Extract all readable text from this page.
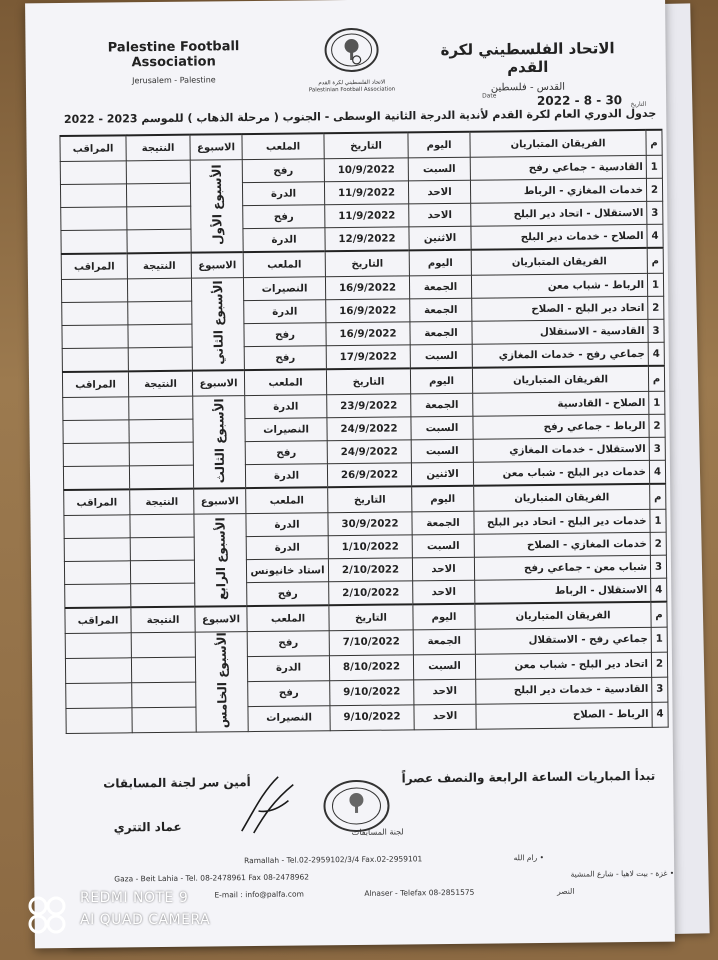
Palestine Football Association
Jerusalem - Palestine	الاتحاد الفلسطيني لكرة القدم
Palestinian Football Association
الاتحاد الفلسطيني لكرة القدم
القدس - فلسطين
Date	2022 - 8 - 30 التاريخ
جدول الدوري العام لكرة القدم لأندية الدرجة الثانية الوسطى - الجنوب ( مرحلة الذهاب ) للموسم 2023 - 2022
م	الفريقان المتباريان	اليوم	التاريخ	الملعب	الاسبوع	النتيجة	المراقب
1	القادسية - جماعي رفح	السبت	10/9/2022	رفح	الأسبوع الأول		
2	خدمات المغازي - الرباط	الاحد	11/9/2022	الدرة			
3	الاستقلال - اتحاد دير البلح	الاحد	11/9/2022	رفح			
4	الصلاح - خدمات دير البلح	الاثنين	12/9/2022	الدرة			
م	الفريقان المتباريان	اليوم	التاريخ	الملعب	الاسبوع	النتيجة	المراقب
1	الرباط - شباب معن	الجمعة	16/9/2022	النصيرات	الأسبوع الثاني		
2	اتحاد دير البلح - الصلاح	الجمعة	16/9/2022	الدرة			
3	القادسية - الاستقلال	الجمعة	16/9/2022	رفح			
4	جماعي رفح - خدمات المغازي	السبت	17/9/2022	رفح			
م	الفريقان المتباريان	اليوم	التاريخ	الملعب	الاسبوع	النتيجة	المراقب
1	الصلاح - القادسية	الجمعة	23/9/2022	الدرة	الأسبوع الثالث		
2	الرباط - جماعي رفح	السبت	24/9/2022	النصيرات			
3	الاستقلال - خدمات المغازي	السبت	24/9/2022	رفح			
4	خدمات دير البلح - شباب معن	الاثنين	26/9/2022	الدرة			
م	الفريقان المتباريان	اليوم	التاريخ	الملعب	الاسبوع	النتيجة	المراقب
1	خدمات دير البلح - اتحاد دير البلح	الجمعة	30/9/2022	الدرة	الأسبوع الرابع		
2	خدمات المغازي - الصلاح	السبت	1/10/2022	الدرة			
3	شباب معن - جماعي رفح	الاحد	2/10/2022	استاد خانيونس			
4	الاستقلال - الرباط	الاحد	2/10/2022	رفح			
م	الفريقان المتباريان	اليوم	التاريخ	الملعب	الاسبوع	النتيجة	المراقب
1	جماعي رفح - الاستقلال	الجمعة	7/10/2022	رفح	الأسبوع الخامس		
2	اتحاد دير البلح - شباب معن	السبت	8/10/2022	الدرة			
3	القادسية - خدمات دير البلح	الاحد	9/10/2022	رفح			
4	الرباط - الصلاح	الاحد	9/10/2022	النصيرات			
تبدأ المباريات الساعة الرابعة والنصف عصراً
أمين سر لجنة المسابقات
عماد التتري	لجنة المسابقات
Ramallah - Tel.02-2959102/3/4 Fax.02-2959101	• رام الله
Gaza - Beit Lahia - Tel. 08-2478961 Fax 08-2478962	• غزة - بيت لاهيا - شارع المنشية
E-mail : info@palfa.com	النصر
Alnaser - Telefax 08-2851575
REDMI NOTE 9
AI QUAD CAMERA
